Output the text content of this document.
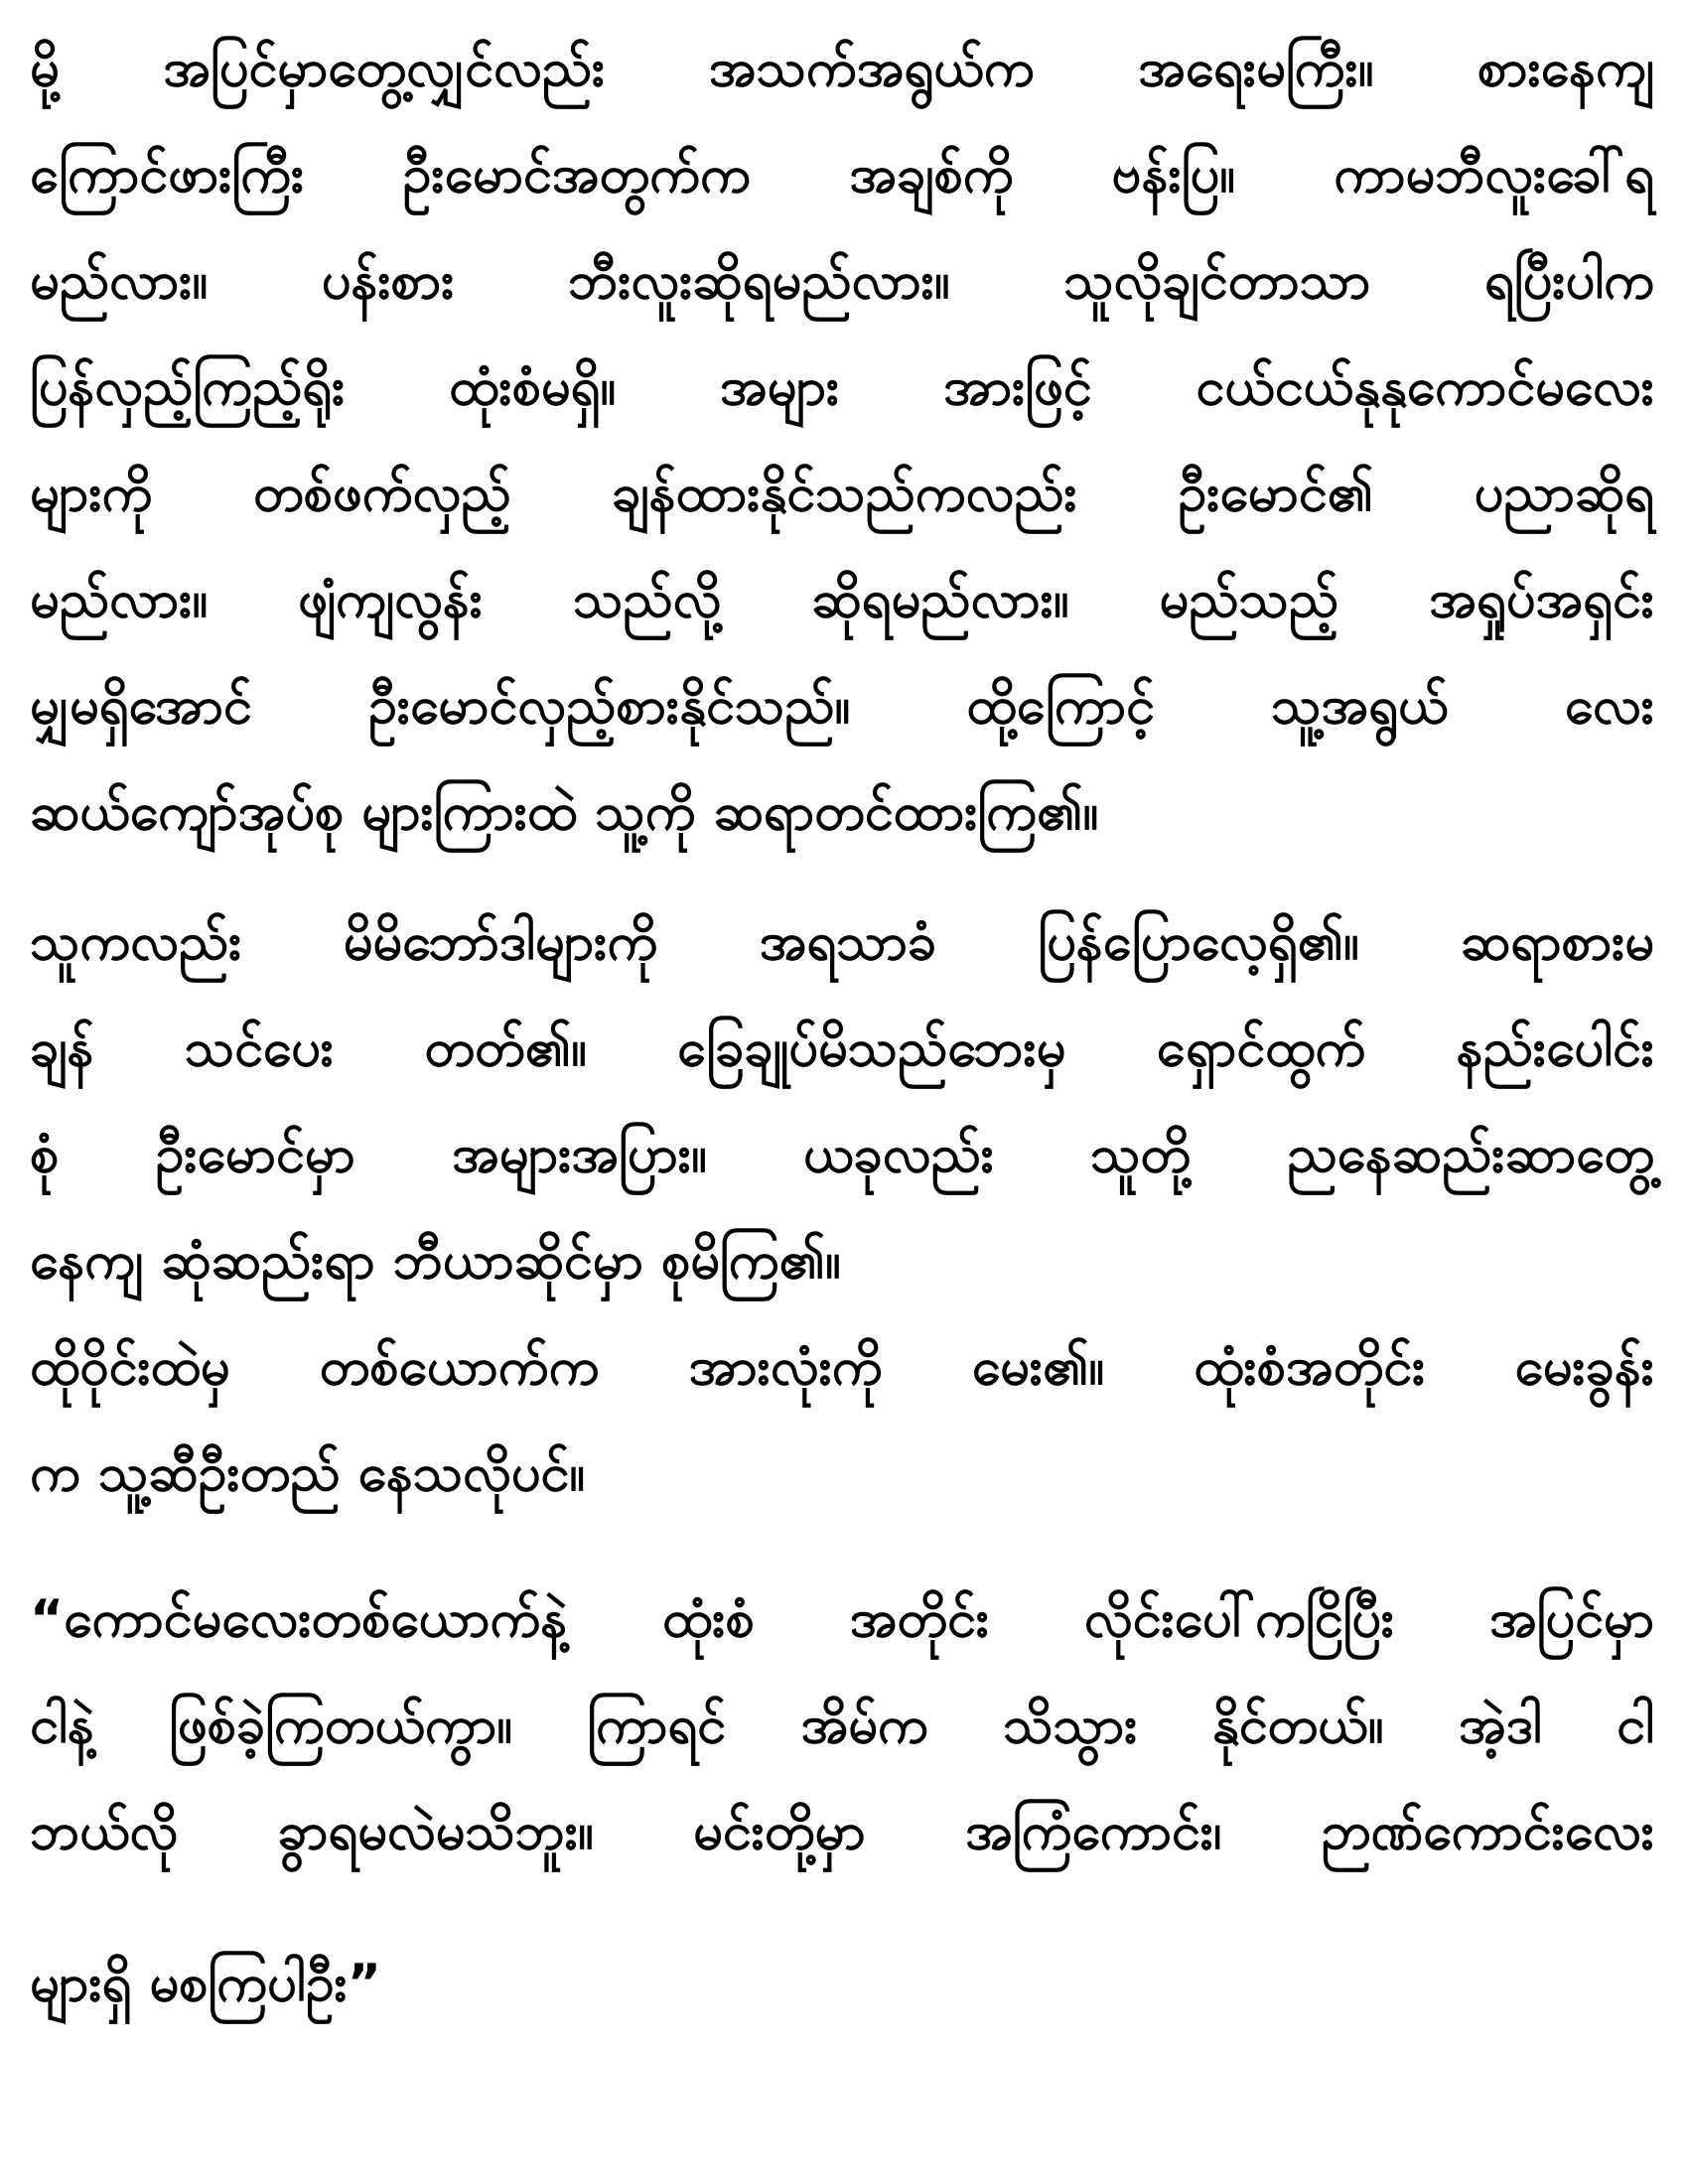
မို့ အပြင်မှာတွေ့လျှင်လည်း အသက်အရွယ်က အရေးမကြီး။ စားနေကျ
ကြောင်ဖားကြီး ဦးမောင်အတွက်က အချစ်ကို ဗန်းပြ။ ကာမဘီလူးခေါ်ရ
မည်လား။ ပန်းစား ဘီးလူးဆိုရမည်လား။ သူလိုချင်တာသာ ရပြီးပါက
ပြန်လှည့်ကြည့်ရိုး ထုံးစံမရှိ။ အများ အားဖြင့် ငယ်ငယ်နုနုကောင်မလေး
များကို တစ်ဖက်လှည့် ချန်ထားနိုင်သည်ကလည်း ဦးမောင်၏ ပညာဆိုရ
မည်လား။ ဖျံကျလွန်း သည်လို့ ဆိုရမည်လား။ မည်သည့် အရှုပ်အရှင်း
မျှမရှိအောင် ဦးမောင်လှည့်စားနိုင်သည်။ ထို့ကြောင့် သူ့အရွယ် လေး
ဆယ်ကျော်အုပ်စု များကြားထဲ သူ့ကို ဆရာတင်ထားကြ၏။
သူကလည်း မိမိဘော်ဒါများကို အရသာခံ ပြန်ပြောလေ့ရှိ၏။ ဆရာစားမ
ချန် သင်ပေး တတ်၏။ ခြေချုပ်မိသည်ဘေးမှ ရှောင်ထွက် နည်းပေါင်း
စုံ ဦးမောင်မှာ အများအပြား။ ယခုလည်း သူတို့ ညနေဆည်းဆာတွေ့
နေကျ ဆုံဆည်းရာ ဘီယာဆိုင်မှာ စုမိကြ၏။
ထိုဝိုင်းထဲမှ တစ်ယောက်က အားလုံးကို မေး၏။ ထုံးစံအတိုင်း မေးခွန်း
က သူ့ဆီဦးတည် နေသလိုပင်။
“ကောင်မလေးတစ်ယောက်နဲ့ ထုံးစံ အတိုင်း လိုင်းပေါ်ကငြိပြီး အပြင်မှာ
ငါနဲ့ ဖြစ်ခဲ့ကြတယ်ကွာ။ ကြာရင် အိမ်က သိသွား နိုင်တယ်။ အဲ့ဒါ ငါ
ဘယ်လို ခွာရမလဲမသိဘူး။ မင်းတို့မှာ အကြံကောင်း၊ ဉာဏ်ကောင်းလေး
များရှိ မစကြပါဦး”
